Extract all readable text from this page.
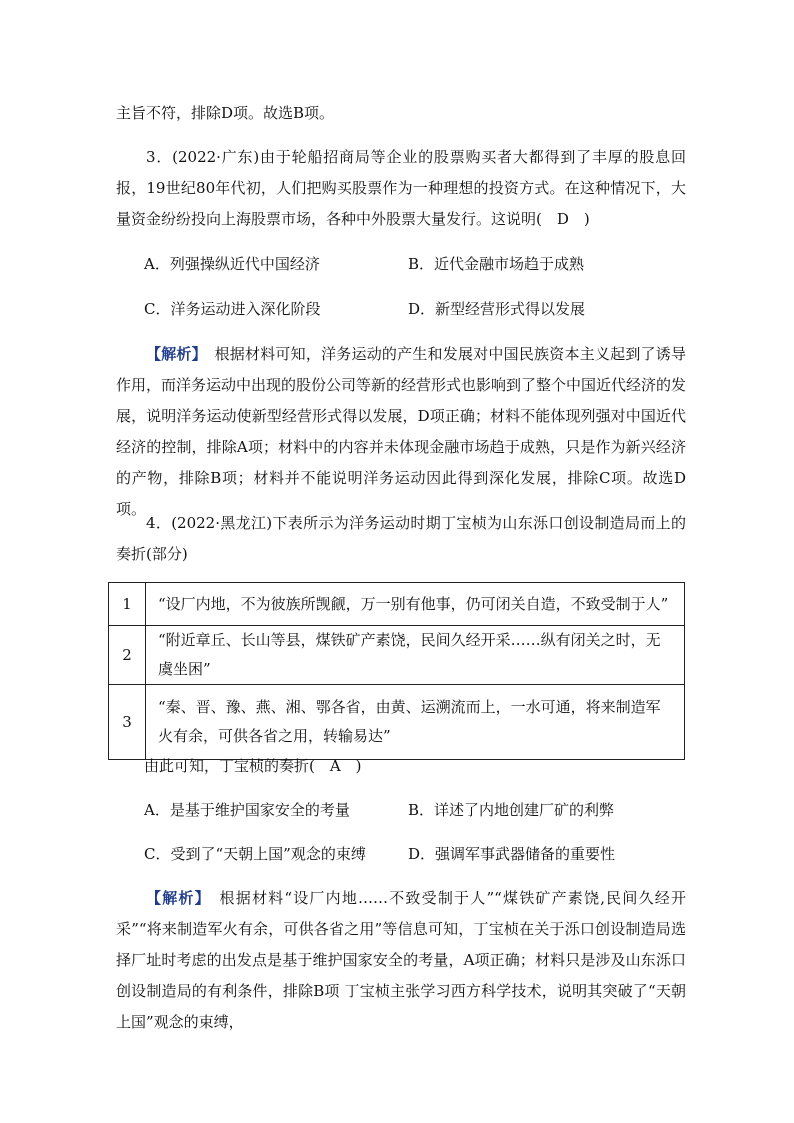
主旨不符，排除D项。故选B项。

3．(2022·广东)由于轮船招商局等企业的股票购买者大都得到了丰厚的股息回报，19世纪80年代初，人们把购买股票作为一种理想的投资方式。在这种情况下，大量资金纷纷投向上海股票市场，各种中外股票大量发行。这说明(　D　)

A．列强操纵近代中国经济	B．近代金融市场趋于成熟
C．洋务运动进入深化阶段	D．新型经营形式得以发展

【解析】　根据材料可知，洋务运动的产生和发展对中国民族资本主义起到了诱导作用，而洋务运动中出现的股份公司等新的经营形式也影响到了整个中国近代经济的发展，说明洋务运动使新型经营形式得以发展，D项正确；材料不能体现列强对中国近代经济的控制，排除A项；材料中的内容并未体现金融市场趋于成熟，只是作为新兴经济的产物，排除B项；材料并不能说明洋务运动因此得到深化发展，排除C项。故选D项。

4．(2022·黑龙江)下表所示为洋务运动时期丁宝桢为山东泺口创设制造局而上的奏折(部分)

1	“设厂内地，不为彼族所觊觎，万一别有他事，仍可闭关自造，不致受制于人”
2	“附近章丘、长山等县，煤铁矿产素饶，民间久经开采……纵有闭关之时，无虞坐困”
3	“秦、晋、豫、燕、湘、鄂各省，由黄、运溯流而上，一水可通，将来制造军火有余，可供各省之用，转输易达”

由此可知，丁宝桢的奏折(　A　)

A．是基于维护国家安全的考量	B．详述了内地创建厂矿的利弊
C．受到了“天朝上国”观念的束缚	D．强调军事武器储备的重要性

【解析】　根据材料“设厂内地……不致受制于人”“煤铁矿产素饶,民间久经开采”“将来制造军火有余，可供各省之用”等信息可知，丁宝桢在关于泺口创设制造局选择厂址时考虑的出发点是基于维护国家安全的考量，A项正确；材料只是涉及山东泺口创设制造局的有利条件，排除B项 丁宝桢主张学习西方科学技术，说明其突破了“天朝上国”观念的束缚，
